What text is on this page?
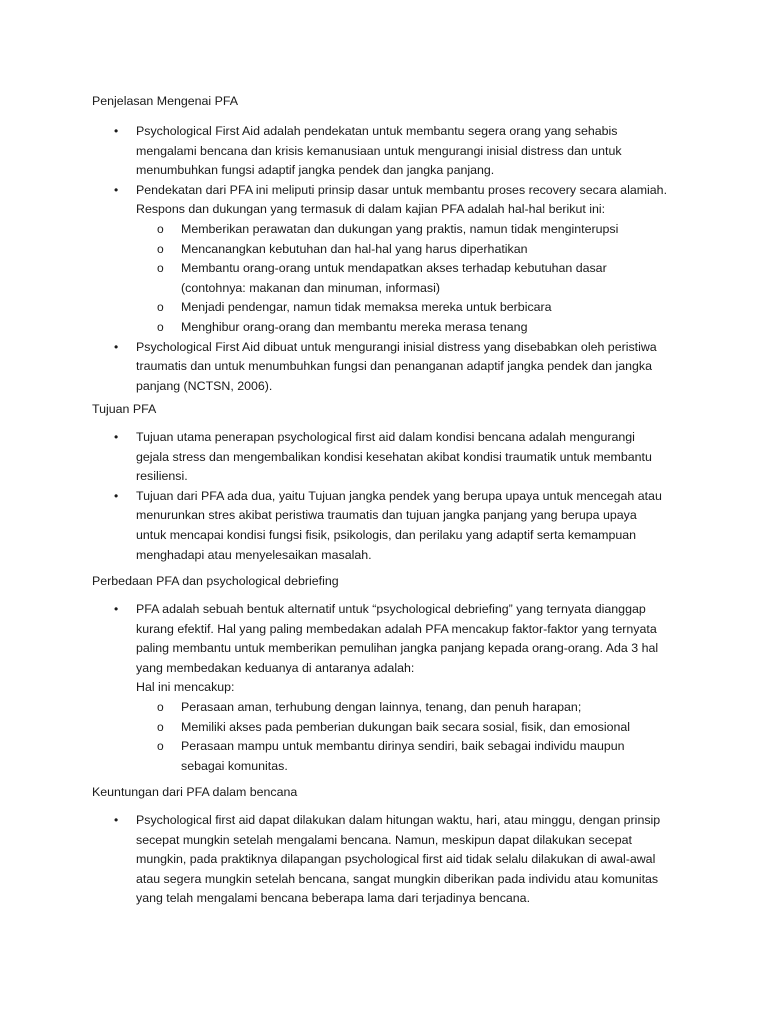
Penjelasan Mengenai PFA
• Psychological First Aid adalah pendekatan untuk membantu segera orang yang sehabis
mengalami bencana dan krisis kemanusiaan untuk mengurangi inisial distress dan untuk
menumbuhkan fungsi adaptif jangka pendek dan jangka panjang.
• Pendekatan dari PFA ini meliputi prinsip dasar untuk membantu proses recovery secara alamiah.
Respons dan dukungan yang termasuk di dalam kajian PFA adalah hal-hal berikut ini:
o Memberikan perawatan dan dukungan yang praktis, namun tidak menginterupsi
o Mencanangkan kebutuhan dan hal-hal yang harus diperhatikan
o Membantu orang-orang untuk mendapatkan akses terhadap kebutuhan dasar
(contohnya: makanan dan minuman, informasi)
o Menjadi pendengar, namun tidak memaksa mereka untuk berbicara
o Menghibur orang-orang dan membantu mereka merasa tenang
• Psychological First Aid dibuat untuk mengurangi inisial distress yang disebabkan oleh peristiwa
traumatis dan untuk menumbuhkan fungsi dan penanganan adaptif jangka pendek dan jangka
panjang (NCTSN, 2006).
Tujuan PFA
• Tujuan utama penerapan psychological first aid dalam kondisi bencana adalah mengurangi
gejala stress dan mengembalikan kondisi kesehatan akibat kondisi traumatik untuk membantu
resiliensi.
• Tujuan dari PFA ada dua, yaitu Tujuan jangka pendek yang berupa upaya untuk mencegah atau
menurunkan stres akibat peristiwa traumatis dan tujuan jangka panjang yang berupa upaya
untuk mencapai kondisi fungsi fisik, psikologis, dan perilaku yang adaptif serta kemampuan
menghadapi atau menyelesaikan masalah.
Perbedaan PFA dan psychological debriefing
• PFA adalah sebuah bentuk alternatif untuk “psychological debriefing” yang ternyata dianggap
kurang efektif. Hal yang paling membedakan adalah PFA mencakup faktor-faktor yang ternyata
paling membantu untuk memberikan pemulihan jangka panjang kepada orang-orang. Ada 3 hal
yang membedakan keduanya di antaranya adalah:
Hal ini mencakup:
o Perasaan aman, terhubung dengan lainnya, tenang, dan penuh harapan;
o Memiliki akses pada pemberian dukungan baik secara sosial, fisik, dan emosional
o Perasaan mampu untuk membantu dirinya sendiri, baik sebagai individu maupun
sebagai komunitas.
Keuntungan dari PFA dalam bencana
• Psychological first aid dapat dilakukan dalam hitungan waktu, hari, atau minggu, dengan prinsip
secepat mungkin setelah mengalami bencana. Namun, meskipun dapat dilakukan secepat
mungkin, pada praktiknya dilapangan psychological first aid tidak selalu dilakukan di awal-awal
atau segera mungkin setelah bencana, sangat mungkin diberikan pada individu atau komunitas
yang telah mengalami bencana beberapa lama dari terjadinya bencana.
